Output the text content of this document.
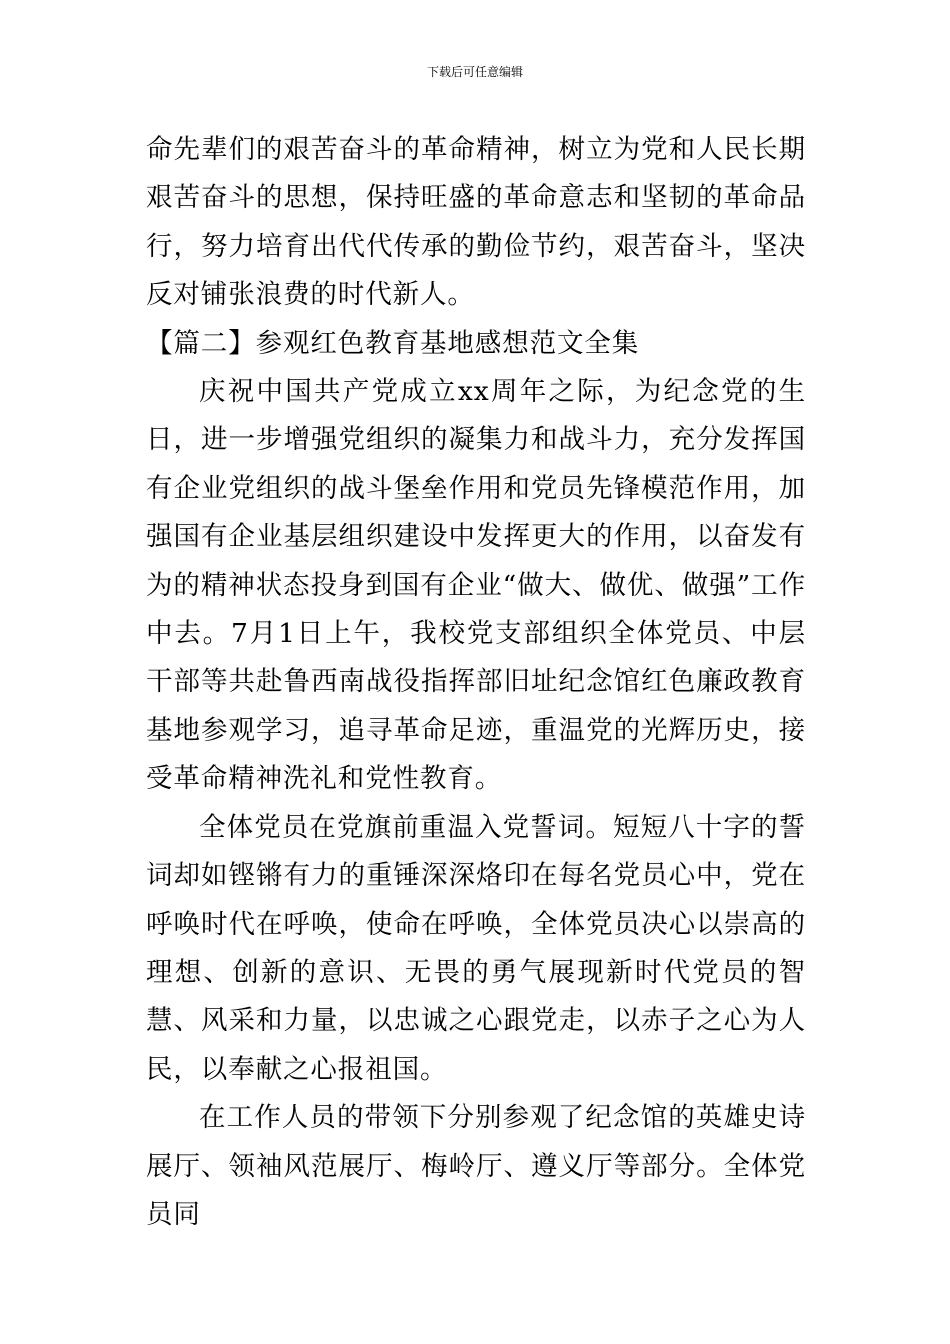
下载后可任意编辑

命先辈们的艰苦奋斗的革命精神，树立为党和人民长期艰苦奋斗的思想，保持旺盛的革命意志和坚韧的革命品行，努力培育出代代传承的勤俭节约，艰苦奋斗，坚决反对铺张浪费的时代新人。

【篇二】参观红色教育基地感想范文全集

庆祝中国共产党成立xx周年之际，为纪念党的生日，进一步增强党组织的凝集力和战斗力，充分发挥国有企业党组织的战斗堡垒作用和党员先锋模范作用，加强国有企业基层组织建设中发挥更大的作用，以奋发有为的精神状态投身到国有企业“做大、做优、做强”工作中去。7月1日上午，我校党支部组织全体党员、中层干部等共赴鲁西南战役指挥部旧址纪念馆红色廉政教育基地参观学习，追寻革命足迹，重温党的光辉历史，接受革命精神洗礼和党性教育。

全体党员在党旗前重温入党誓词。短短八十字的誓词却如铿锵有力的重锤深深烙印在每名党员心中，党在呼唤时代在呼唤，使命在呼唤，全体党员决心以崇高的理想、创新的意识、无畏的勇气展现新时代党员的智慧、风采和力量，以忠诚之心跟党走，以赤子之心为人民，以奉献之心报祖国。

在工作人员的带领下分别参观了纪念馆的英雄史诗展厅、领袖风范展厅、梅岭厅、遵义厅等部分。全体党员同
